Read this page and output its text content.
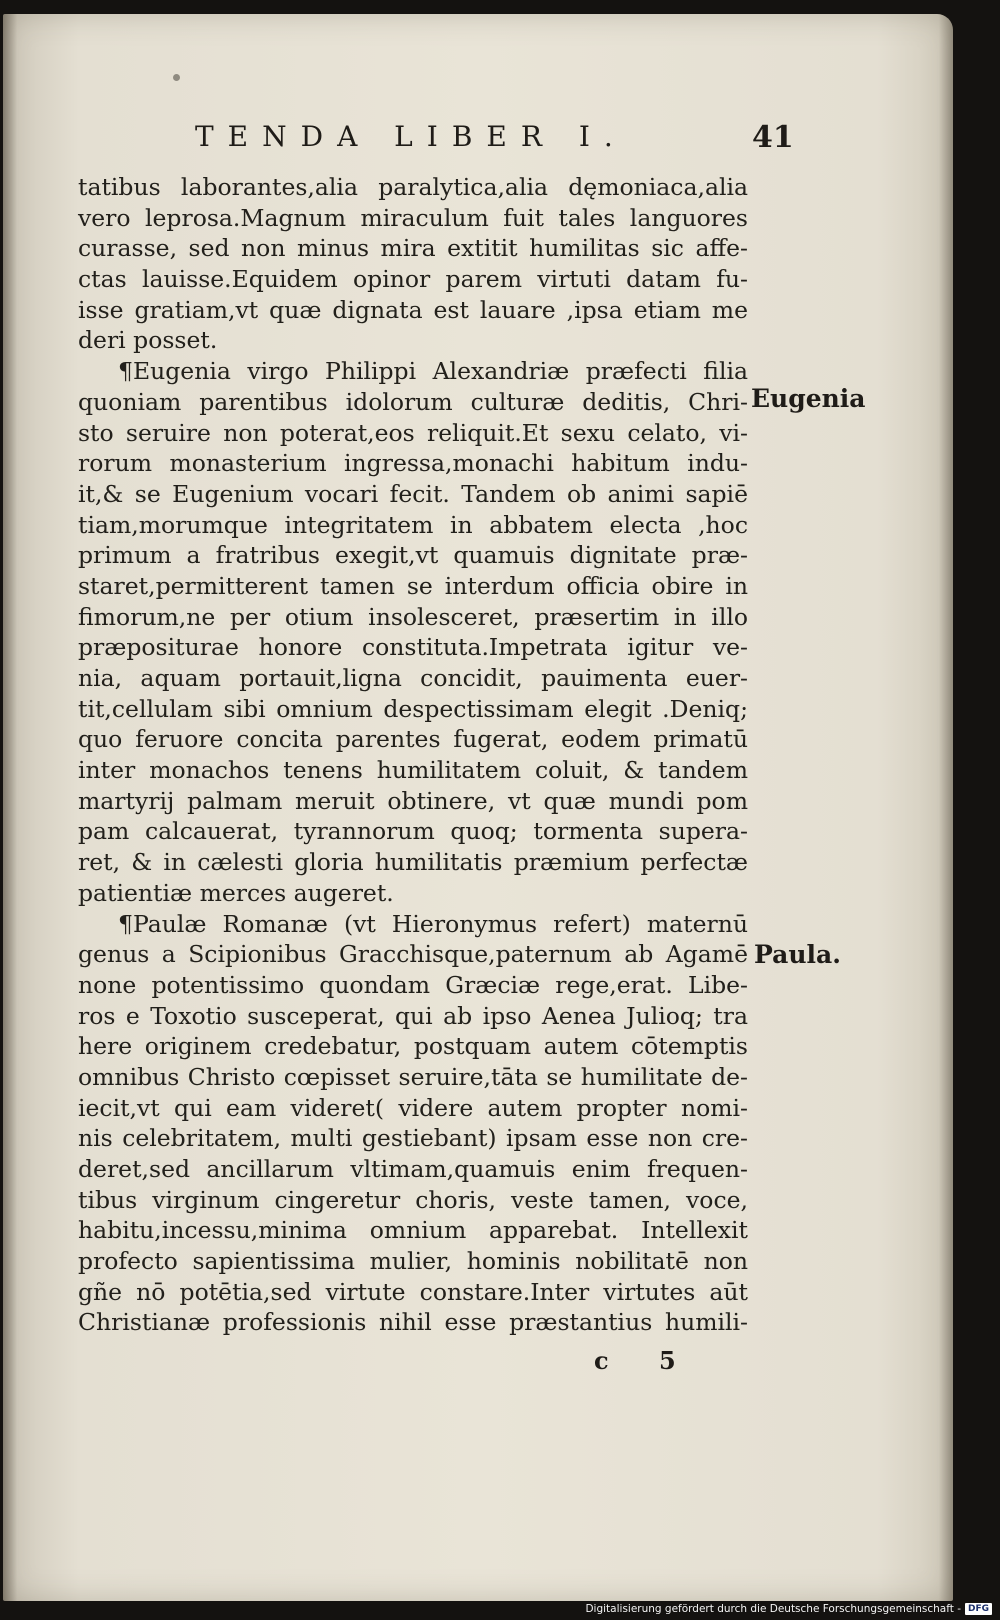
TENDA LIBER I.	41
tatibus laborantes,alia paralytica,alia dęmoniaca,alia
vero leprosa.Magnum miraculum fuit tales languores
curasse, sed non minus mira extitit humilitas sic affe-
ctas lauisse.Equidem opinor parem virtuti datam fu-
isse gratiam,vt quæ dignata est lauare ,ipsa etiam me
deri posset.
¶Eugenia virgo Philippi Alexandriæ præfecti filia
quoniam parentibus idolorum culturæ deditis, Chri-
sto seruire non poterat,eos reliquit.Et sexu celato, vi-
rorum monasterium ingressa,monachi habitum indu-
it,& se Eugenium vocari fecit. Tandem ob animi sapiē
tiam,morumque integritatem in abbatem electa ,hoc
primum a fratribus exegit,vt quamuis dignitate præ-
staret,permitterent tamen se interdum officia obire in
fimorum,ne per otium insolesceret, præsertim in illo
præpositurae honore constituta.Impetrata igitur ve-
nia, aquam portauit,ligna concidit, pauimenta euer-
tit,cellulam sibi omnium despectissimam elegit .Deniq;
quo feruore concita parentes fugerat, eodem primatū
inter monachos tenens humilitatem coluit, & tandem
martyrij palmam meruit obtinere, vt quæ mundi pom
pam calcauerat, tyrannorum quoq; tormenta supera-
ret, & in cælesti gloria humilitatis præmium perfectæ
patientiæ merces augeret.
¶Paulæ Romanæ (vt Hieronymus refert) maternū
genus a Scipionibus Gracchisque,paternum ab Agamē
none potentissimo quondam Græciæ rege,erat. Libe-
ros e Toxotio susceperat, qui ab ipso Aenea Julioq; tra
here originem credebatur, postquam autem cōtemptis
omnibus Christo cœpisset seruire,tāta se humilitate de-
iecit,vt qui eam videret( videre autem propter nomi-
nis celebritatem, multi gestiebant) ipsam esse non cre-
deret,sed ancillarum vltimam,quamuis enim frequen-
tibus virginum cingeretur choris, veste tamen, voce,
habitu,incessu,minima omnium apparebat. Intellexit
profecto sapientissima mulier, hominis nobilitatē non
gñe nō potētia,sed virtute constare.Inter virtutes aūt
Christianæ professionis nihil esse præstantius humili-
Eugenia
Paula.
c 5
Digitalisierung gefördert durch die Deutsche Forschungsgemeinschaft - DFG
